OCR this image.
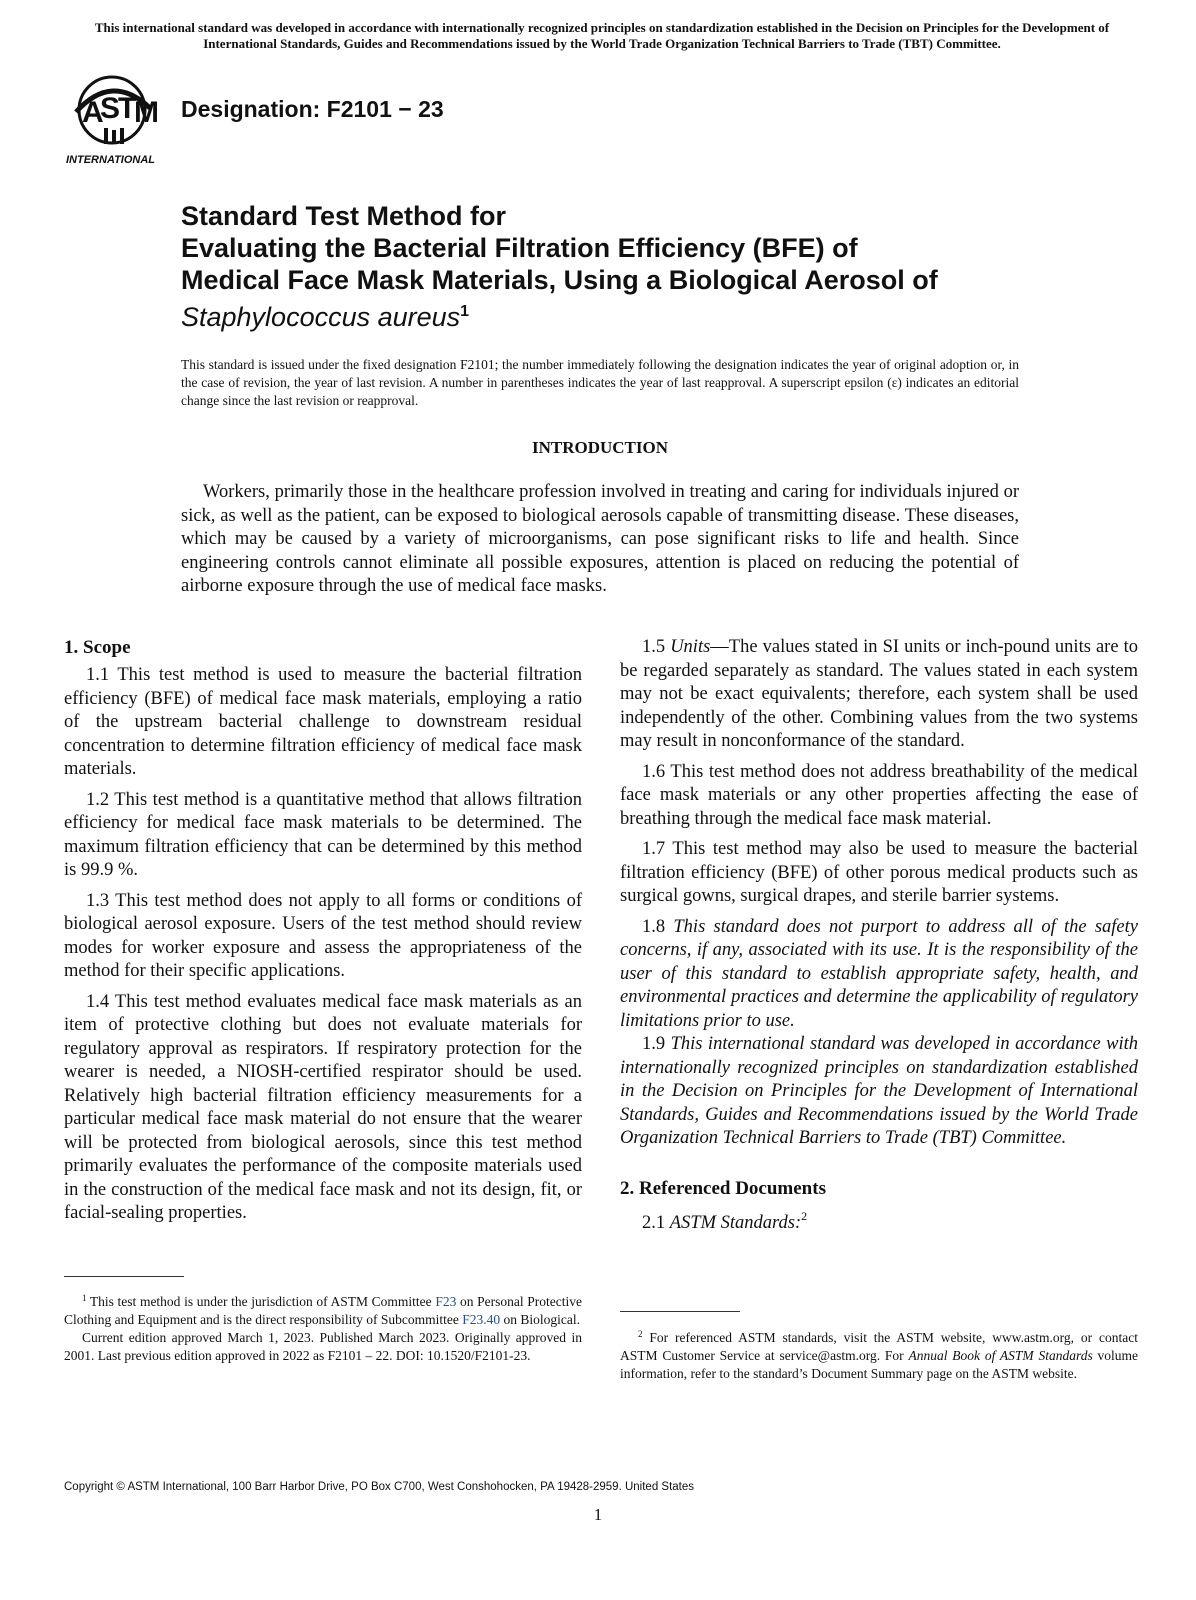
This international standard was developed in accordance with internationally recognized principles on standardization established in the Decision on Principles for the Development of International Standards, Guides and Recommendations issued by the World Trade Organization Technical Barriers to Trade (TBT) Committee.
A
S
T
M
INTERNATIONAL
Designation: F2101 − 23
Standard Test Method for
Evaluating the Bacterial Filtration Efficiency (BFE) of
Medical Face Mask Materials, Using a Biological Aerosol of
Staphylococcus aureus$^1$
This standard is issued under the fixed designation F2101; the number immediately following the designation indicates the year of original adoption or, in the case of revision, the year of last revision. A number in parentheses indicates the year of last reapproval. A superscript epsilon (ε) indicates an editorial change since the last revision or reapproval.
INTRODUCTION

Workers, primarily those in the healthcare profession involved in treating and caring for individuals injured or sick, as well as the patient, can be exposed to biological aerosols capable of transmitting disease. These diseases, which may be caused by a variety of microorganisms, can pose significant risks to life and health. Since engineering controls cannot eliminate all possible exposures, attention is placed on reducing the potential of airborne exposure through the use of medical face masks.

1. Scope

1.1 This test method is used to measure the bacterial filtration efficiency (BFE) of medical face mask materials, employing a ratio of the upstream bacterial challenge to downstream residual concentration to determine filtration efficiency of medical face mask materials.

1.2 This test method is a quantitative method that allows filtration efficiency for medical face mask materials to be determined. The maximum filtration efficiency that can be determined by this method is 99.9 %.

1.3 This test method does not apply to all forms or conditions of biological aerosol exposure. Users of the test method should review modes for worker exposure and assess the appropriateness of the method for their specific applications.

1.4 This test method evaluates medical face mask materials as an item of protective clothing but does not evaluate materials for regulatory approval as respirators. If respiratory protection for the wearer is needed, a NIOSH-certified respirator should be used. Relatively high bacterial filtration efficiency measurements for a particular medical face mask material do not ensure that the wearer will be protected from biological aerosols, since this test method primarily evaluates the performance of the composite materials used in the construction of the medical face mask and not its design, fit, or facial-sealing properties.

1.5 Units—The values stated in SI units or inch-pound units are to be regarded separately as standard. The values stated in each system may not be exact equivalents; therefore, each system shall be used independently of the other. Combining values from the two systems may result in nonconformance of the standard.

1.6 This test method does not address breathability of the medical face mask materials or any other properties affecting the ease of breathing through the medical face mask material.

1.7 This test method may also be used to measure the bacterial filtration efficiency (BFE) of other porous medical products such as surgical gowns, surgical drapes, and sterile barrier systems.

1.8 This standard does not purport to address all of the safety concerns, if any, associated with its use. It is the responsibility of the user of this standard to establish appropriate safety, health, and environmental practices and determine the applicability of regulatory limitations prior to use.

1.9 This international standard was developed in accordance with internationally recognized principles on standardization established in the Decision on Principles for the Development of International Standards, Guides and Recommendations issued by the World Trade Organization Technical Barriers to Trade (TBT) Committee.

2. Referenced Documents

2.1 ASTM Standards:$^2$

$^1$ This test method is under the jurisdiction of ASTM Committee F23 on Personal Protective Clothing and Equipment and is the direct responsibility of Subcommittee F23.40 on Biological.

Current edition approved March 1, 2023. Published March 2023. Originally approved in 2001. Last previous edition approved in 2022 as F2101 – 22. DOI: 10.1520/F2101-23.

$^2$ For referenced ASTM standards, visit the ASTM website, www.astm.org, or contact ASTM Customer Service at service@astm.org. For Annual Book of ASTM Standards volume information, refer to the standard’s Document Summary page on the ASTM website.

Copyright © ASTM International, 100 Barr Harbor Drive, PO Box C700, West Conshohocken, PA 19428-2959. United States
1
